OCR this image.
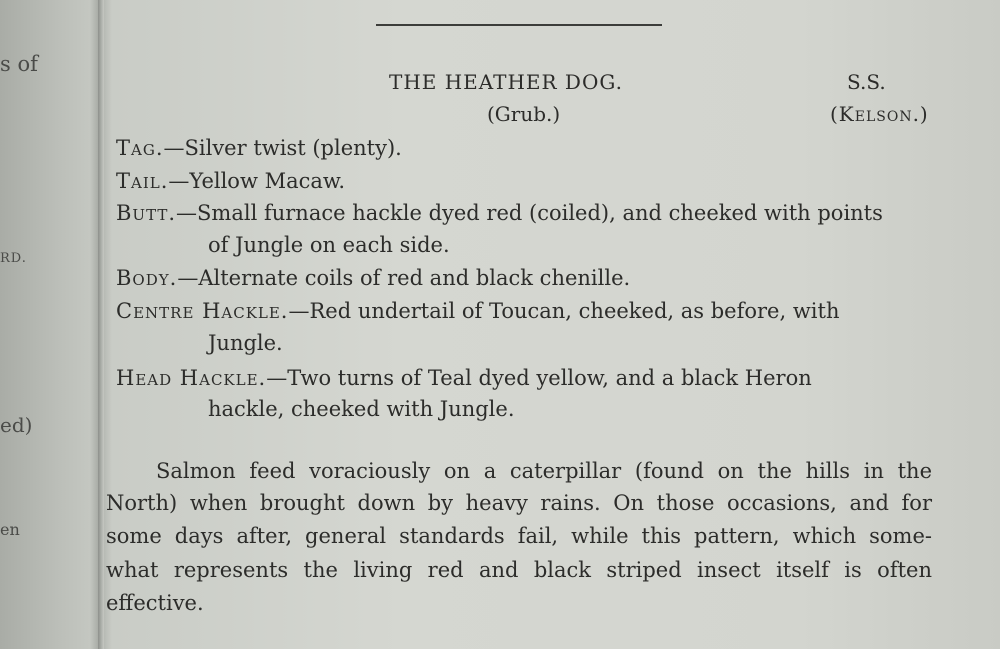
s of
RD.
ed)
en
THE HEATHER DOG.	S.S.
(Grub.)	(Kelson.)
Tag.—Silver twist (plenty).
Tail.—Yellow Macaw.
Butt.—Small furnace hackle dyed red (coiled), and cheeked with points
of Jungle on each side.
Body.—Alternate coils of red and black chenille.
Centre Hackle.—Red undertail of Toucan, cheeked, as before, with
Jungle.
Head Hackle.—Two turns of Teal dyed yellow, and a black Heron
hackle, cheeked with Jungle.
Salmon feed voraciously on a caterpillar (found on the hills in the
North) when brought down by heavy rains. On those occasions, and for
some days after, general standards fail, while this pattern, which some-
what represents the living red and black striped insect itself is often
effective.
